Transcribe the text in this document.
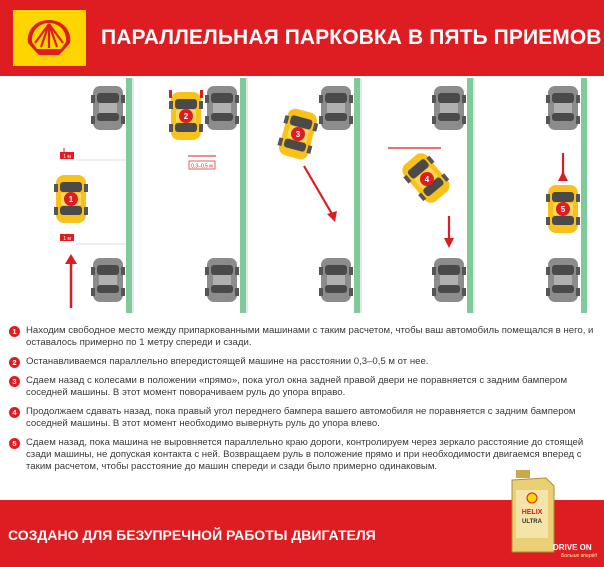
ПАРАЛЛЕЛЬНАЯ ПАРКОВКА В ПЯТЬ ПРИЕМОВ
1 м
1 м
1
2
0,3–0,5 м
3
4
5
1 Находим свободное место между припаркованными машинами с таким расчетом, чтобы ваш автомобиль помещался в него, и оставалось примерно по 1 метру спереди и сзади.
2 Останавливаемся параллельно впередистоящей машине на расстоянии 0,3–0,5 м от нее.
3 Сдаем назад с колесами в положении «прямо», пока угол окна задней правой двери не поравняется с задним бампером соседней машины. В этот момент поворачиваем руль до упора вправо.
4 Продолжаем сдавать назад, пока правый угол переднего бампера вашего автомобиля не поравняется с задним бампером соседней машины. В этот момент необходимо вывернуть руль до упора влево.
5 Сдаем назад, пока машина не выровняется параллельно краю дороги, контролируем через зеркало расстояние до стоящей сзади машины, не допуская контакта с ней. Возвращаем руль в положение прямо и при необходимости двигаемся вперед с таким расчетом, чтобы расстояние до машин спереди и сзади было примерно одинаковым.
СОЗДАНО ДЛЯ БЕЗУПРЕЧНОЙ РАБОТЫ ДВИГАТЕЛЯ
HELIX
ULTRA
DRIVE ON
Больше вперёд
